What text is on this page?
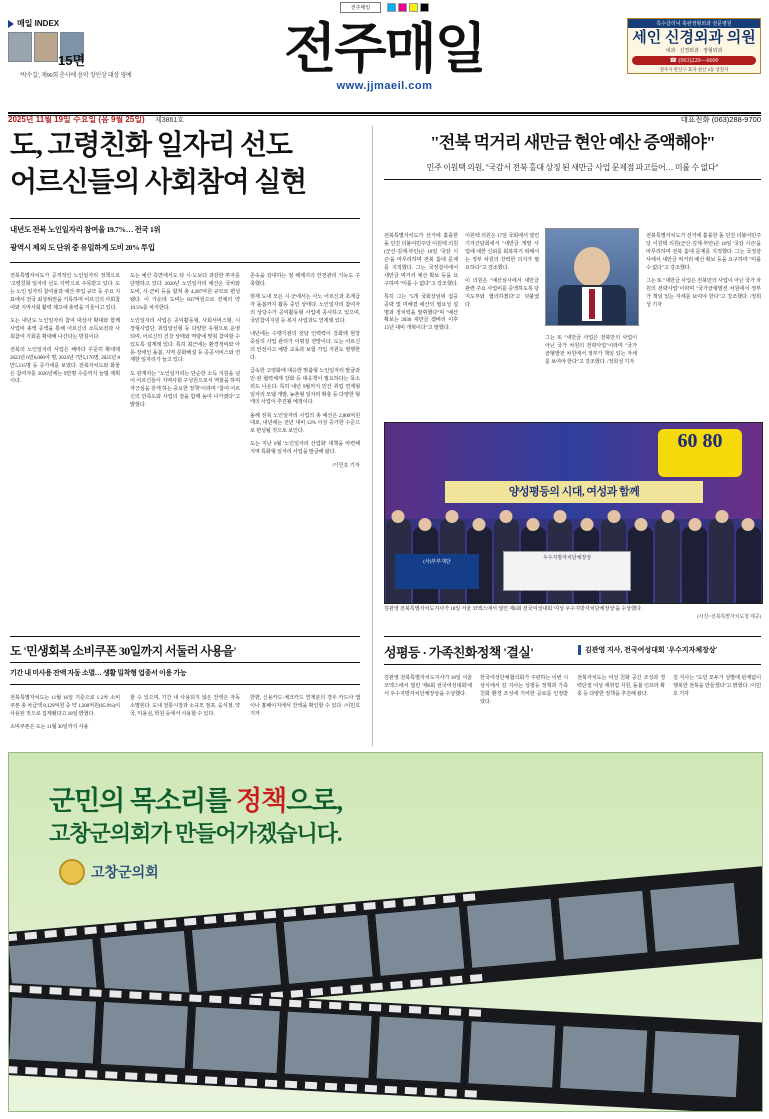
전주매일
매일 INDEX
15면
'박수길', 제90회 춘사에 음악 장인상 대상 영예	전주매일
www.jjmaeil.com
특수클리닉 축관정형외과 전문병원
세인 신경외과 의원
내과 · 신경외과 · 정형외과
☎ (063)220—6600
전주시 완산구 효자 천산 2동 상전지
2025년 11월 19일 수요일 (음 9월 25일) 제3861호	대표전화 (063)288-9700
도, 고령친화 일자리 선도
어르신들의 사회참여 실현
내년도 전북 노인일자리 참여율 19.7%… 전국 1위
광역시 제외 도 단위 중 유일하게 도비 20% 투입
"전북 먹거리 새만금 현안 예산 증액해야"
민주 이원택 의원, "국감서 전북 홀대 상징 된 새만금 사업 문제점 파고들어… 미룰 수 없다"

전북특별자치도가 공격적인 노인일자리 정책으로 '고령친화 일자리 선도 지역'으로 주목받고 있다. 도는 노인 일자리 참여율과 예산 투입 규모 등 주요 지표에서 전국 최상위권을 기록하며 어르신의 사회참여와 지역사회 활력 제고에 총력을 기울이고 있다.

도는 내년도 노인일자리 참여 대상자 확대와 함께 사업비 총액 증액을 통해 어르신의 소득보전과 사회참여 기회를 확대해 나간다는 방침이다.

전북의 노인일자리 사업은 해마다 꾸준히 확대돼 2023년 6만6,000여 명, 2024년 7만5,170명, 2025년 8만5,115명 등 증가세를 보였다. 전북자치도와 화물은 참여자를 2026년에는 9만명 수준까지 늘릴 계획이다.

도는 예산 측면에서도 타 시·도보다 과감한 투자를 단행하고 있다. 2026년 노인일자리 예산은 국비와 도비, 시·군비 등을 합쳐 총 4,287억원 규모로 편성됐다. 이 가운데 도비는 837억원으로 전체의 약 19.5%를 차지한다.

노인일자리 사업은 공익활동형, 사회서비스형, 시장형사업단, 취업알선형 등 다양한 유형으로 운영되며, 어르신의 건강 상태와 역량에 맞춰 참여할 수 있도록 설계돼 있다. 특히 최근에는 환경정비와 아동·장애인 돌봄, 지역 문화해설 등 공공서비스와 연계한 일자리가 늘고 있다.

도 관계자는 "노인일자리는 단순한 소득 지원을 넘어 어르신들이 지역사회 구성원으로서 역할을 하며 자긍심을 갖게 하는 중요한 정책"이라며 "참여 어르신의 만족도와 사업의 질을 함께 높여 나가겠다"고 밝혔다.

존속을 감내하는 점 해제지의 안전관리 기능도 구축했다.

현재 도내 모든 시·군에서는 사노 어르신과 초계급자 돌봄까지 활동 중인 상태다. 노인일자리 참여자의 상당수가 공익활동형 사업에 종사하고 있으며, 국민참여지원 등 복지 사업과도 연계돼 있다.

내년에는 수행기관의 전담 인력력이 강화돼 현장 중심의 사업 관리가 이뤄질 전망이다. 도는 어르신의 안전사고 예방 교육과 보험 가입 지원도 병행한다.

급속한 고령화에 대응한 맞춤형 노인일자리 발굴과 민·관 협력체계 강화 등 대응책이 필요하다는 목소리도 나온다. 특히 내년 9월까지 민간 취업 연계형 일자리 모델 개발, 농촌형 일자리 확충 등 다양한 형태의 사업이 추진될 예정이다.

올해 전북 노인일자리 사업의 총 예산은 2,800억원대로, 내년에는 전년 대비 12% 이상 증가한 수준으로 편성될 것으로 보인다.

도는 지난 6월 '노인일자리 산업화' 대책을 마련해 지역 특화형 일자리 사업을 발굴해 왔다.

/이민호 기자

전북특별자치도가 선거에 훌륭한 돌 던진 더불어민주당 이원택 의원(군산·김제·부안)은 18일 '국감 시즌'을 마무리하며 전북 홀대 문제를 지적했다. 그는 국정감사에서 새만금 먹거리 예산 확보 등을 요구하며 "미룰 수 없다"고 강조했다.

특히 그는 "5개 국회상임위 집중 공략 및 미해결 예산의 필요성 설명과 정치력을 발휘했다"며 "예산 확보는 2030 새만금 잼버리 이후 15년 대비 개혁이다"고 말했다.

이원택 의원은 17일 국회에서 열린 기자간담회에서 "새만금 개발 사업에 대한 신뢰를 회복하기 위해서는 정부 차원의 강력한 의지가 필요하다"고 강조했다.

이 의원은 "예산심사에서 새만금 관련 주요 사업비를 증액하도록 당 지도부와 협의하겠다"고 덧붙였다.

그는 또 "새만금 사업은 전북만의 사업이 아닌 국가 차원의 전략사업"이라며 "국가균형발전 차원에서 정부가 책임 있는 자세를 보여야 한다"고 강조했다. /정희성 기자

전북특별자치도가 선거에 훌륭한 돌 던진 더불어민주당 이원택 의원(군산·김제·부안)은 18일 '국감 시즌'을 마무리하며 전북 홀대 문제를 지적했다. 그는 국정감사에서 새만금 먹거리 예산 확보 등을 요구하며 "미룰 수 없다"고 강조했다.

그는 또 "새만금 사업은 전북만의 사업이 아닌 국가 차원의 전략사업"이라며 "국가균형발전 차원에서 정부가 책임 있는 자세를 보여야 한다"고 강조했다. /정희성 기자

60 80
양성평등의 시대, 여성과 함께
(사)부부재단
우수지방자치단체장상
김관영 전북특별자치도지사가 18일 서울 코엑스에서 열린 제6회 전국여성대회 '여성 우수지방자치단체장상'을 수상했다.
(사진=전북특별자치도청 제공)
도 '민생회복 소비쿠폰 30일까지 서둘러 사용을'
기간 내 미사용 잔액 자동 소멸… 생활 밀착형 업종서 이용 가능

전북특별자치도는 11월 16일 기준으로 1·2차 소비쿠폰 총 차급액 8,129억원 중 약 1,200억원(85.9%)이 사용된 것으로 집계됐다고 18일 밝혔다.

소비쿠폰은 도는 11월 30일까지 사용

할 수 있으며, 기간 내 사용되지 않은 잔액은 자동 소멸된다. 도내 전통시장과 소규모 점포, 음식점, 약국, 미용실, 학원 등에서 사용할 수 있다.

한편, 신용카드·체크카드 연계분의 경우 카드사 앱이나 홈페이지에서 잔액을 확인할 수 있다. /이민호 기자

성평등 · 가족친화정책 '결실'	김관영 지사, 전국여성대회 '우수지자체장상'

김관영 전북특별자치도지사가 18일 서울 코엑스에서 열린 '제6회 전국여성대회'에서 우수지방자치단체장상을 수상했다.

한국여성단체협의회가 주관하는 이번 시상식에서 김 지사는 성평등 정책과 가족친화 환경 조성에 기여한 공로를 인정받았다.

전북자치도는 여성 친화 공간 조성과 경력단절 여성 재취업 지원, 돌봄 인프라 확충 등 다양한 정책을 추진해 왔다.

김 지사는 "도민 모두가 성별에 관계없이 행복한 전북을 만들겠다"고 밝혔다. /이민호 기자

군민의 목소리를 정책으로,
고창군의회가 만들어가겠습니다.
고창군의회
